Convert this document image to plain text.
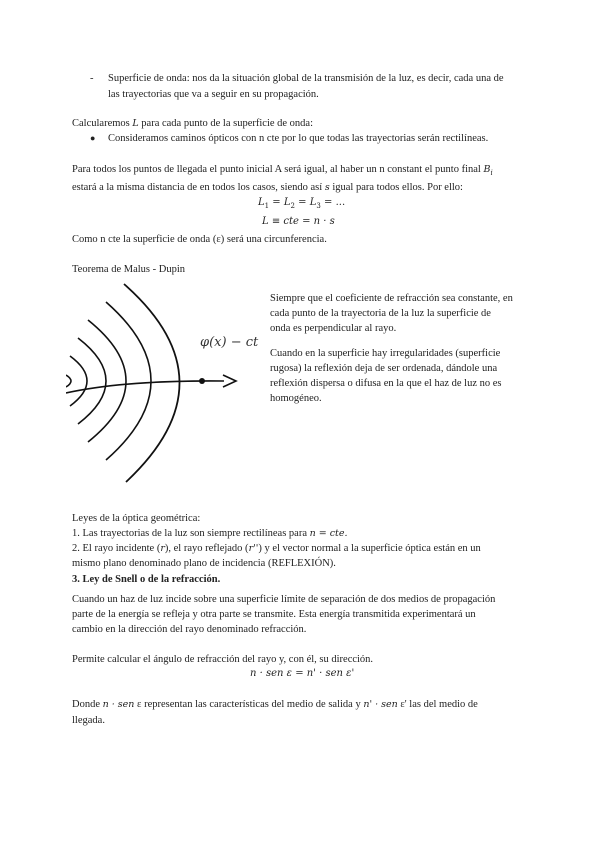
- Superficie de onda: nos da la situación global de la transmisión de la luz, es decir, cada una de
las trayectorias que va a seguir en su propagación.
Calcularemos L para cada punto de la superficie de onda:
● Consideramos caminos ópticos con n cte por lo que todas las trayectorias serán rectilíneas.
Para todos los puntos de llegada el punto inicial A será igual, al haber un n constant el punto final $B_i$
estará a la misma distancia de en todos los casos, siendo así s igual para todos ellos. Por ello:
$L_1 = L_2 = L_3$ = ...
L ≡ cte = n · s
Como n cte la superficie de onda (ε) será una circunferencia.
Teorema de Malus - Dupin
φ(x) − ct
Siempre que el coeficiente de refracción sea constante, en
cada punto de la trayectoria de la luz la superficie de
onda es perpendicular al rayo.
Cuando en la superficie hay irregularidades (superficie
rugosa) la reflexión deja de ser ordenada, dándole una
reflexión dispersa o difusa en la que el haz de luz no es
homogéneo.
Leyes de la óptica geométrica:
1. Las trayectorias de la luz son siempre rectilíneas para n = cte.
2. El rayo incidente (r), el rayo reflejado (r'') y el vector normal a la superficie óptica están en un
mismo plano denominado plano de incidencia (REFLEXIÓN).
3. Ley de Snell o de la refracción.
Cuando un haz de luz incide sobre una superficie límite de separación de dos medios de propagación
parte de la energía se refleja y otra parte se transmite. Esta energía transmitida experimentará un
cambio en la dirección del rayo denominado refracción.
Permite calcular el ángulo de refracción del rayo y, con él, su dirección.
n · sen ε = n' · sen ε'
Donde n · sen ε representan las características del medio de salida y n' · sen ε' las del medio de
llegada.
